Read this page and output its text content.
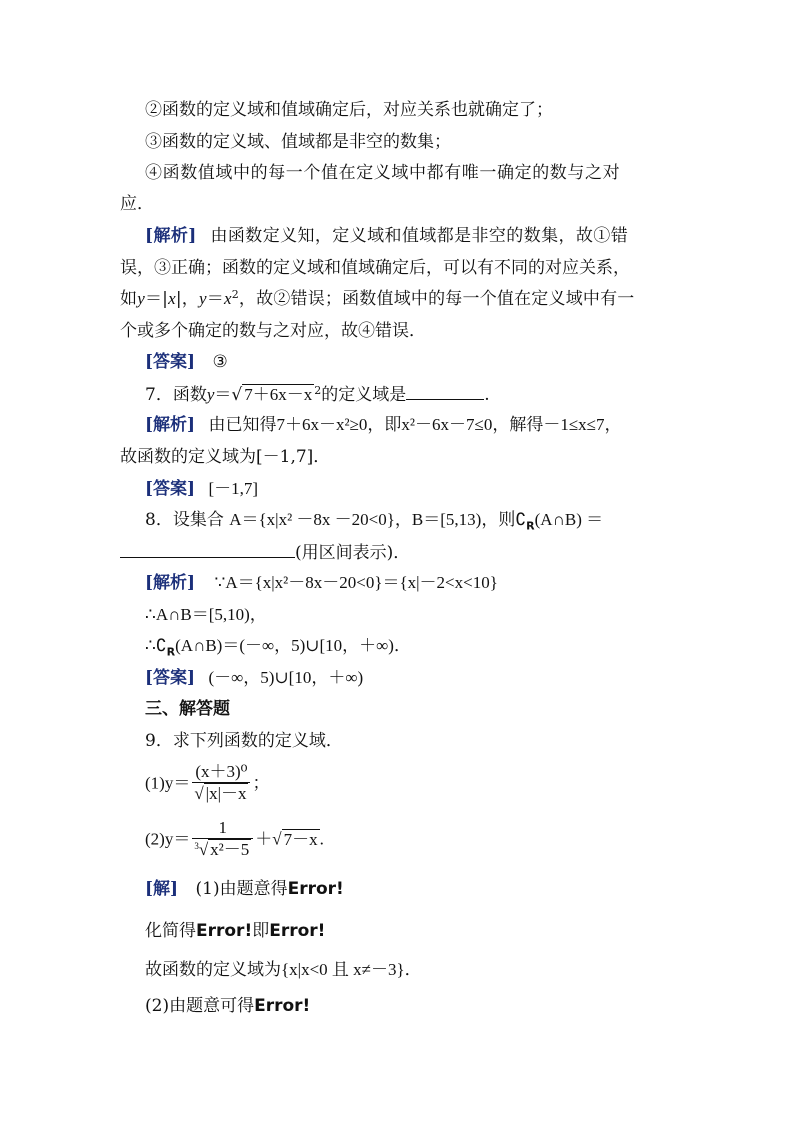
②函数的定义域和值域确定后，对应关系也就确定了；
③函数的定义域、值域都是非空的数集；
④函数值域中的每一个值在定义域中都有唯一确定的数与之对
应．
[解析] 由函数定义知，定义域和值域都是非空的数集，故①错
误，③正确；函数的定义域和值域确定后，可以有不同的对应关系，
如y＝|x|，$y=x^2$，故②错误；函数值域中的每一个值在定义域中有一
个或多个确定的数与之对应，故④错误．
[答案] ③
7．函数y＝√ 7＋6x－x $^2$的定义域是	.
[解析] 由已知得7＋6x－x²≥0，即x²－6x－7≤0，解得－1≤x≤7，
故函数的定义域为[－1,7]．
[答案] [－1,7]
8．设集合 A＝{x|x² －8x －20<0}，B＝[5,13)，则$∁_R(A\cap B)$ ＝
(用区间表示)．
[解析] ∵A＝{x|x²－8x－20<0}＝{x|－2<x<10}
∴A∩B＝[5,10)，
$\therefore∁_R(A\cap B)=(-\infty$，5)∪[10，＋∞)．
[答案] (－∞，5)∪[10，＋∞)
三、解答题
9．求下列函数的定义域．
$(1)y= \frac{\text{(x＋3)⁰}}{√ |x|-x}$ ；
$(2)y= \frac{1}{^3√ x^2-5}$ ＋√ 7－x .
[解] (1)由题意得Error!
化简得Error!即Error!
故函数的定义域为{x|x<0 且 x≠－3}．
(2)由题意可得Error!
